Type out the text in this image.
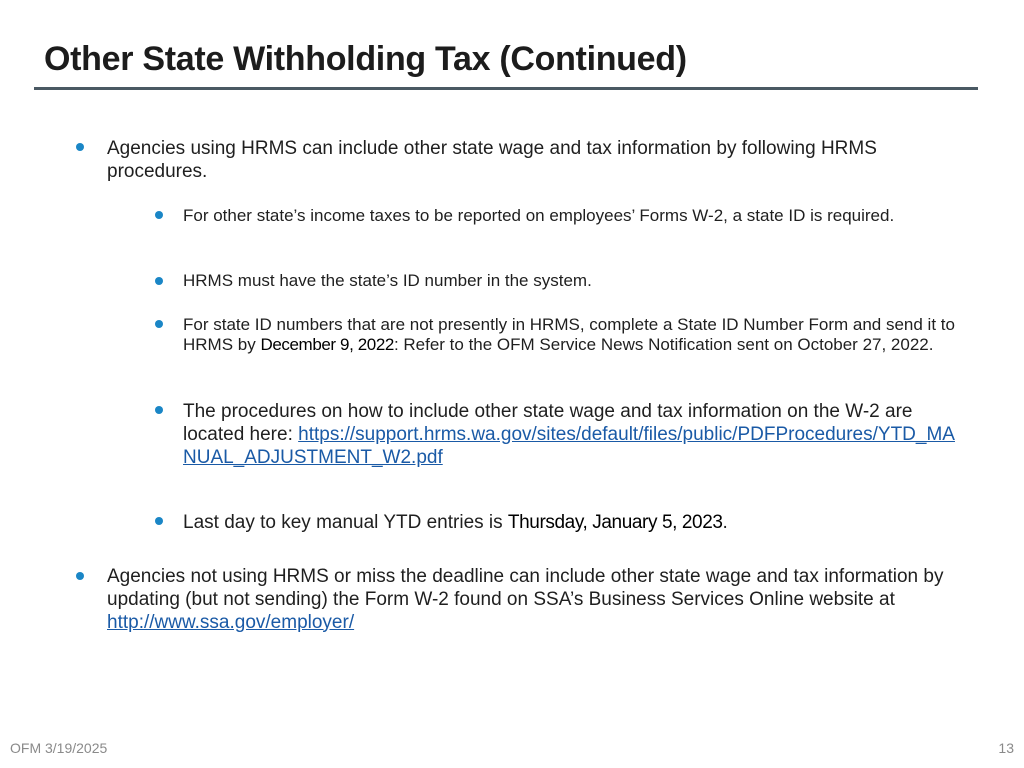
Other State Withholding Tax (Continued)
Agencies using HRMS can include other state wage and tax information by following HRMS procedures.
For other state’s income taxes to be reported on employees’ Forms W-2, a state ID is required.
HRMS must have the state’s ID number in the system.
For state ID numbers that are not presently in HRMS, complete a State ID Number Form and send it to HRMS by December 9, 2022: Refer to the OFM Service News Notification sent on October 27, 2022.
The procedures on how to include other state wage and tax information on the W-2 are located here: https://support.hrms.wa.gov/sites/default/files/public/PDFProcedures/YTD_MANUAL_ADJUSTMENT_W2.pdf
Last day to key manual YTD entries is Thursday, January 5, 2023.
Agencies not using HRMS or miss the deadline can include other state wage and tax information by updating (but not sending) the Form W-2 found on SSA’s Business Services Online website at http://www.ssa.gov/employer/
OFM 3/19/2025	13
